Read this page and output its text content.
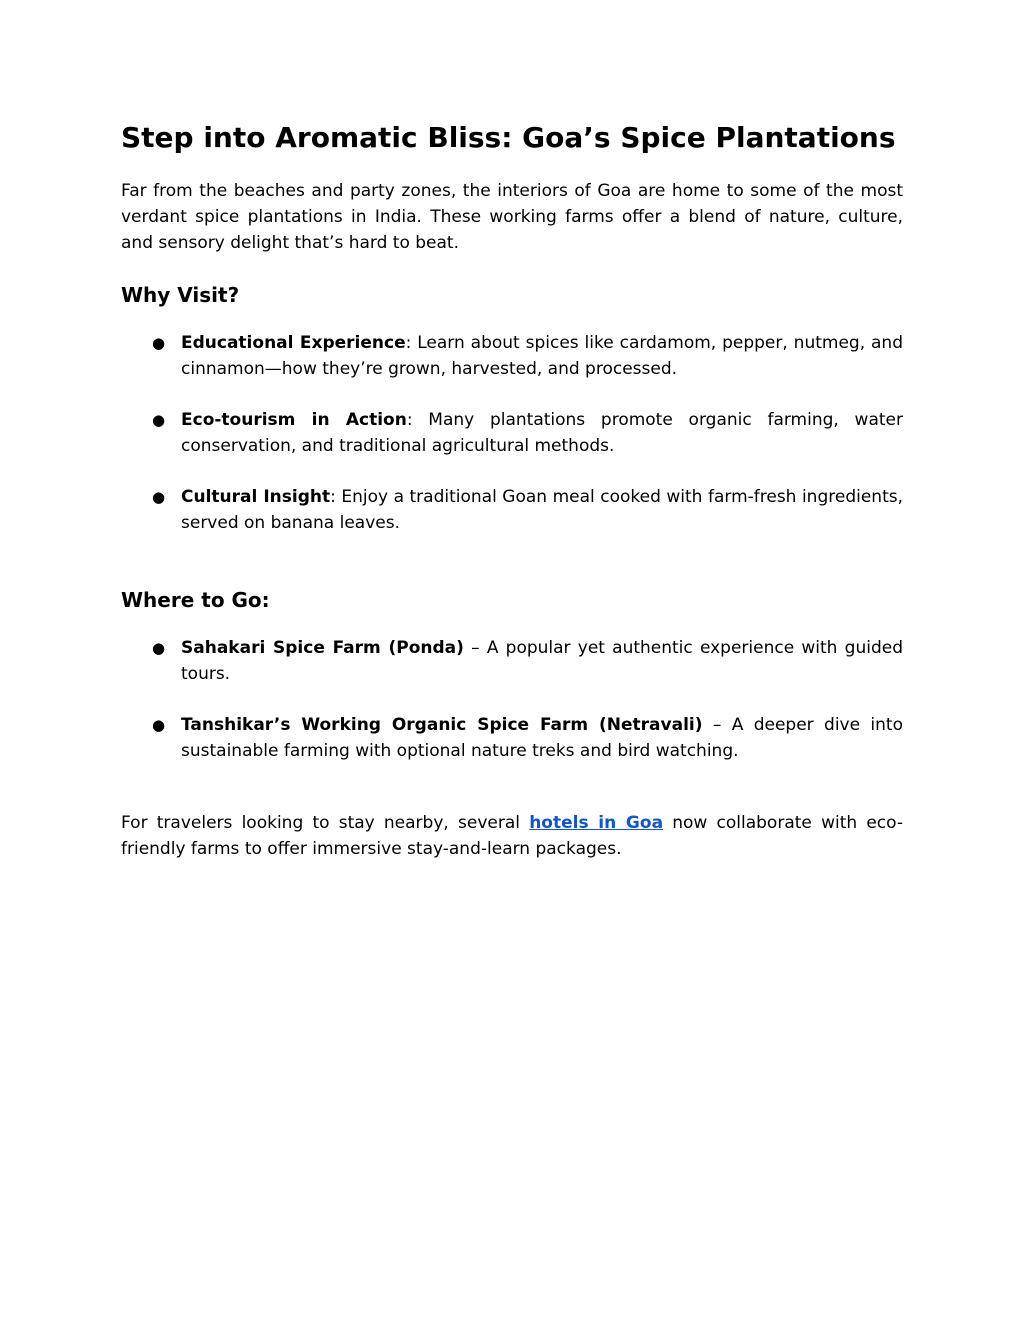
Step into Aromatic Bliss: Goa’s Spice Plantations

Far from the beaches and party zones, the interiors of Goa are home to some of the most verdant spice plantations in India. These working farms offer a blend of nature, culture, and sensory delight that’s hard to beat.

Why Visit?
● Educational Experience: Learn about spices like cardamom, pepper, nutmeg, and cinnamon—how they’re grown, harvested, and processed.

● Eco-tourism in Action: Many plantations promote organic farming, water conservation, and traditional agricultural methods.

● Cultural Insight: Enjoy a traditional Goan meal cooked with farm-fresh ingredients, served on banana leaves.

Where to Go:
● Sahakari Spice Farm (Ponda) – A popular yet authentic experience with guided tours.

● Tanshikar’s Working Organic Spice Farm (Netravali) – A deeper dive into sustainable farming with optional nature treks and bird watching.

For travelers looking to stay nearby, several hotels in Goa now collaborate with eco-friendly farms to offer immersive stay-and-learn packages.
